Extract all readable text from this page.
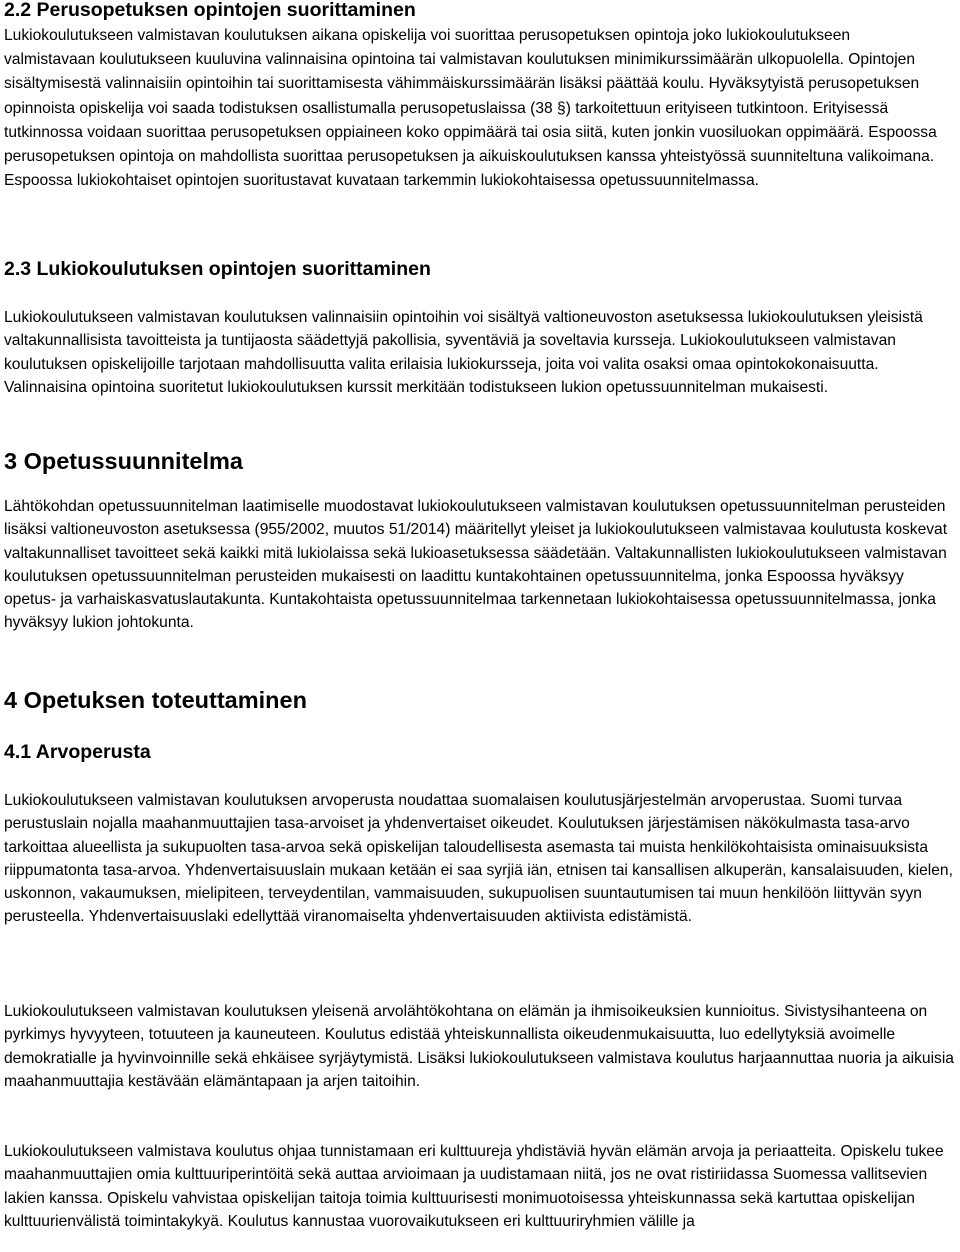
2.2 Perusopetuksen opintojen suorittaminen

Lukiokoulutukseen valmistavan koulutuksen aikana opiskelija voi suorittaa perusopetuksen opintoja joko lukiokoulutukseen valmistavaan koulutukseen kuuluvina valinnaisina opintoina tai valmistavan koulutuksen minimikurssimäärän ulkopuolella. Opintojen sisältymisestä valinnaisiin opintoihin tai suorittamisesta vähimmäiskurssimäärän lisäksi päättää koulu. Hyväksytyistä perusopetuksen opinnoista opiskelija voi saada todistuksen osallistumalla perusopetuslaissa (38 §) tarkoitettuun erityiseen tutkintoon. Erityisessä tutkinnossa voidaan suorittaa perusopetuksen oppiaineen koko oppimäärä tai osia siitä, kuten jonkin vuosiluokan oppimäärä. Espoossa perusopetuksen opintoja on mahdollista suorittaa perusopetuksen ja aikuiskoulutuksen kanssa yhteistyössä suunniteltuna valikoimana. Espoossa lukiokohtaiset opintojen suoritustavat kuvataan tarkemmin lukiokohtaisessa opetussuunnitelmassa.

2.3 Lukiokoulutuksen opintojen suorittaminen

Lukiokoulutukseen valmistavan koulutuksen valinnaisiin opintoihin voi sisältyä valtioneuvoston asetuksessa lukiokoulutuksen yleisistä valtakunnallisista tavoitteista ja tuntijaosta säädettyjä pakollisia, syventäviä ja soveltavia kursseja. Lukiokoulutukseen valmistavan koulutuksen opiskelijoille tarjotaan mahdollisuutta valita erilaisia lukiokursseja, joita voi valita osaksi omaa opintokokonaisuutta. Valinnaisina opintoina suoritetut lukiokoulutuksen kurssit merkitään todistukseen lukion opetussuunnitelman mukaisesti.

3 Opetussuunnitelma

Lähtökohdan opetussuunnitelman laatimiselle muodostavat lukiokoulutukseen valmistavan koulutuksen opetussuunnitelman perusteiden lisäksi valtioneuvoston asetuksessa (955/2002, muutos 51/2014) määritellyt yleiset ja lukiokoulutukseen valmistavaa koulutusta koskevat valtakunnalliset tavoitteet sekä kaikki mitä lukiolaissa sekä lukioasetuksessa säädetään. Valtakunnallisten lukiokoulutukseen valmistavan koulutuksen opetussuunnitelman perusteiden mukaisesti on laadittu kuntakohtainen opetussuunnitelma, jonka Espoossa hyväksyy opetus- ja varhaiskasvatuslautakunta. Kuntakohtaista opetussuunnitelmaa tarkennetaan lukiokohtaisessa opetussuunnitelmassa, jonka hyväksyy lukion johtokunta.

4 Opetuksen toteuttaminen
4.1 Arvoperusta

Lukiokoulutukseen valmistavan koulutuksen arvoperusta noudattaa suomalaisen koulutusjärjestelmän arvoperustaa. Suomi turvaa perustuslain nojalla maahanmuuttajien tasa-arvoiset ja yhdenvertaiset oikeudet. Koulutuksen järjestämisen näkökulmasta tasa-arvo tarkoittaa alueellista ja sukupuolten tasa-arvoa sekä opiskelijan taloudellisesta asemasta tai muista henkilökohtaisista ominaisuuksista riippumatonta tasa-arvoa. Yhdenvertaisuuslain mukaan ketään ei saa syrjiä iän, etnisen tai kansallisen alkuperän, kansalaisuuden, kielen, uskonnon, vakaumuksen, mielipiteen, terveydentilan, vammaisuuden, sukupuolisen suuntautumisen tai muun henkilöön liittyvän syyn perusteella. Yhdenvertaisuuslaki edellyttää viranomaiselta yhdenvertaisuuden aktiivista edistämistä.

Lukiokoulutukseen valmistavan koulutuksen yleisenä arvolähtökohtana on elämän ja ihmisoikeuksien kunnioitus. Sivistysihanteena on pyrkimys hyvyyteen, totuuteen ja kauneuteen. Koulutus edistää yhteiskunnallista oikeudenmukaisuutta, luo edellytyksiä avoimelle demokratialle ja hyvinvoinnille sekä ehkäisee syrjäytymistä. Lisäksi lukiokoulutukseen valmistava koulutus harjaannuttaa nuoria ja aikuisia maahanmuuttajia kestävään elämäntapaan ja arjen taitoihin.

Lukiokoulutukseen valmistava koulutus ohjaa tunnistamaan eri kulttuureja yhdistäviä hyvän elämän arvoja ja periaatteita. Opiskelu tukee maahanmuuttajien omia kulttuuriperintöitä sekä auttaa arvioimaan ja uudistamaan niitä, jos ne ovat ristiriidassa Suomessa vallitsevien lakien kanssa. Opiskelu vahvistaa opiskelijan taitoja toimia kulttuurisesti monimuotoisessa yhteiskunnassa sekä kartuttaa opiskelijan kulttuurienvälistä toimintakykyä. Koulutus kannustaa vuorovaikutukseen eri kulttuuriryhmien välille ja
